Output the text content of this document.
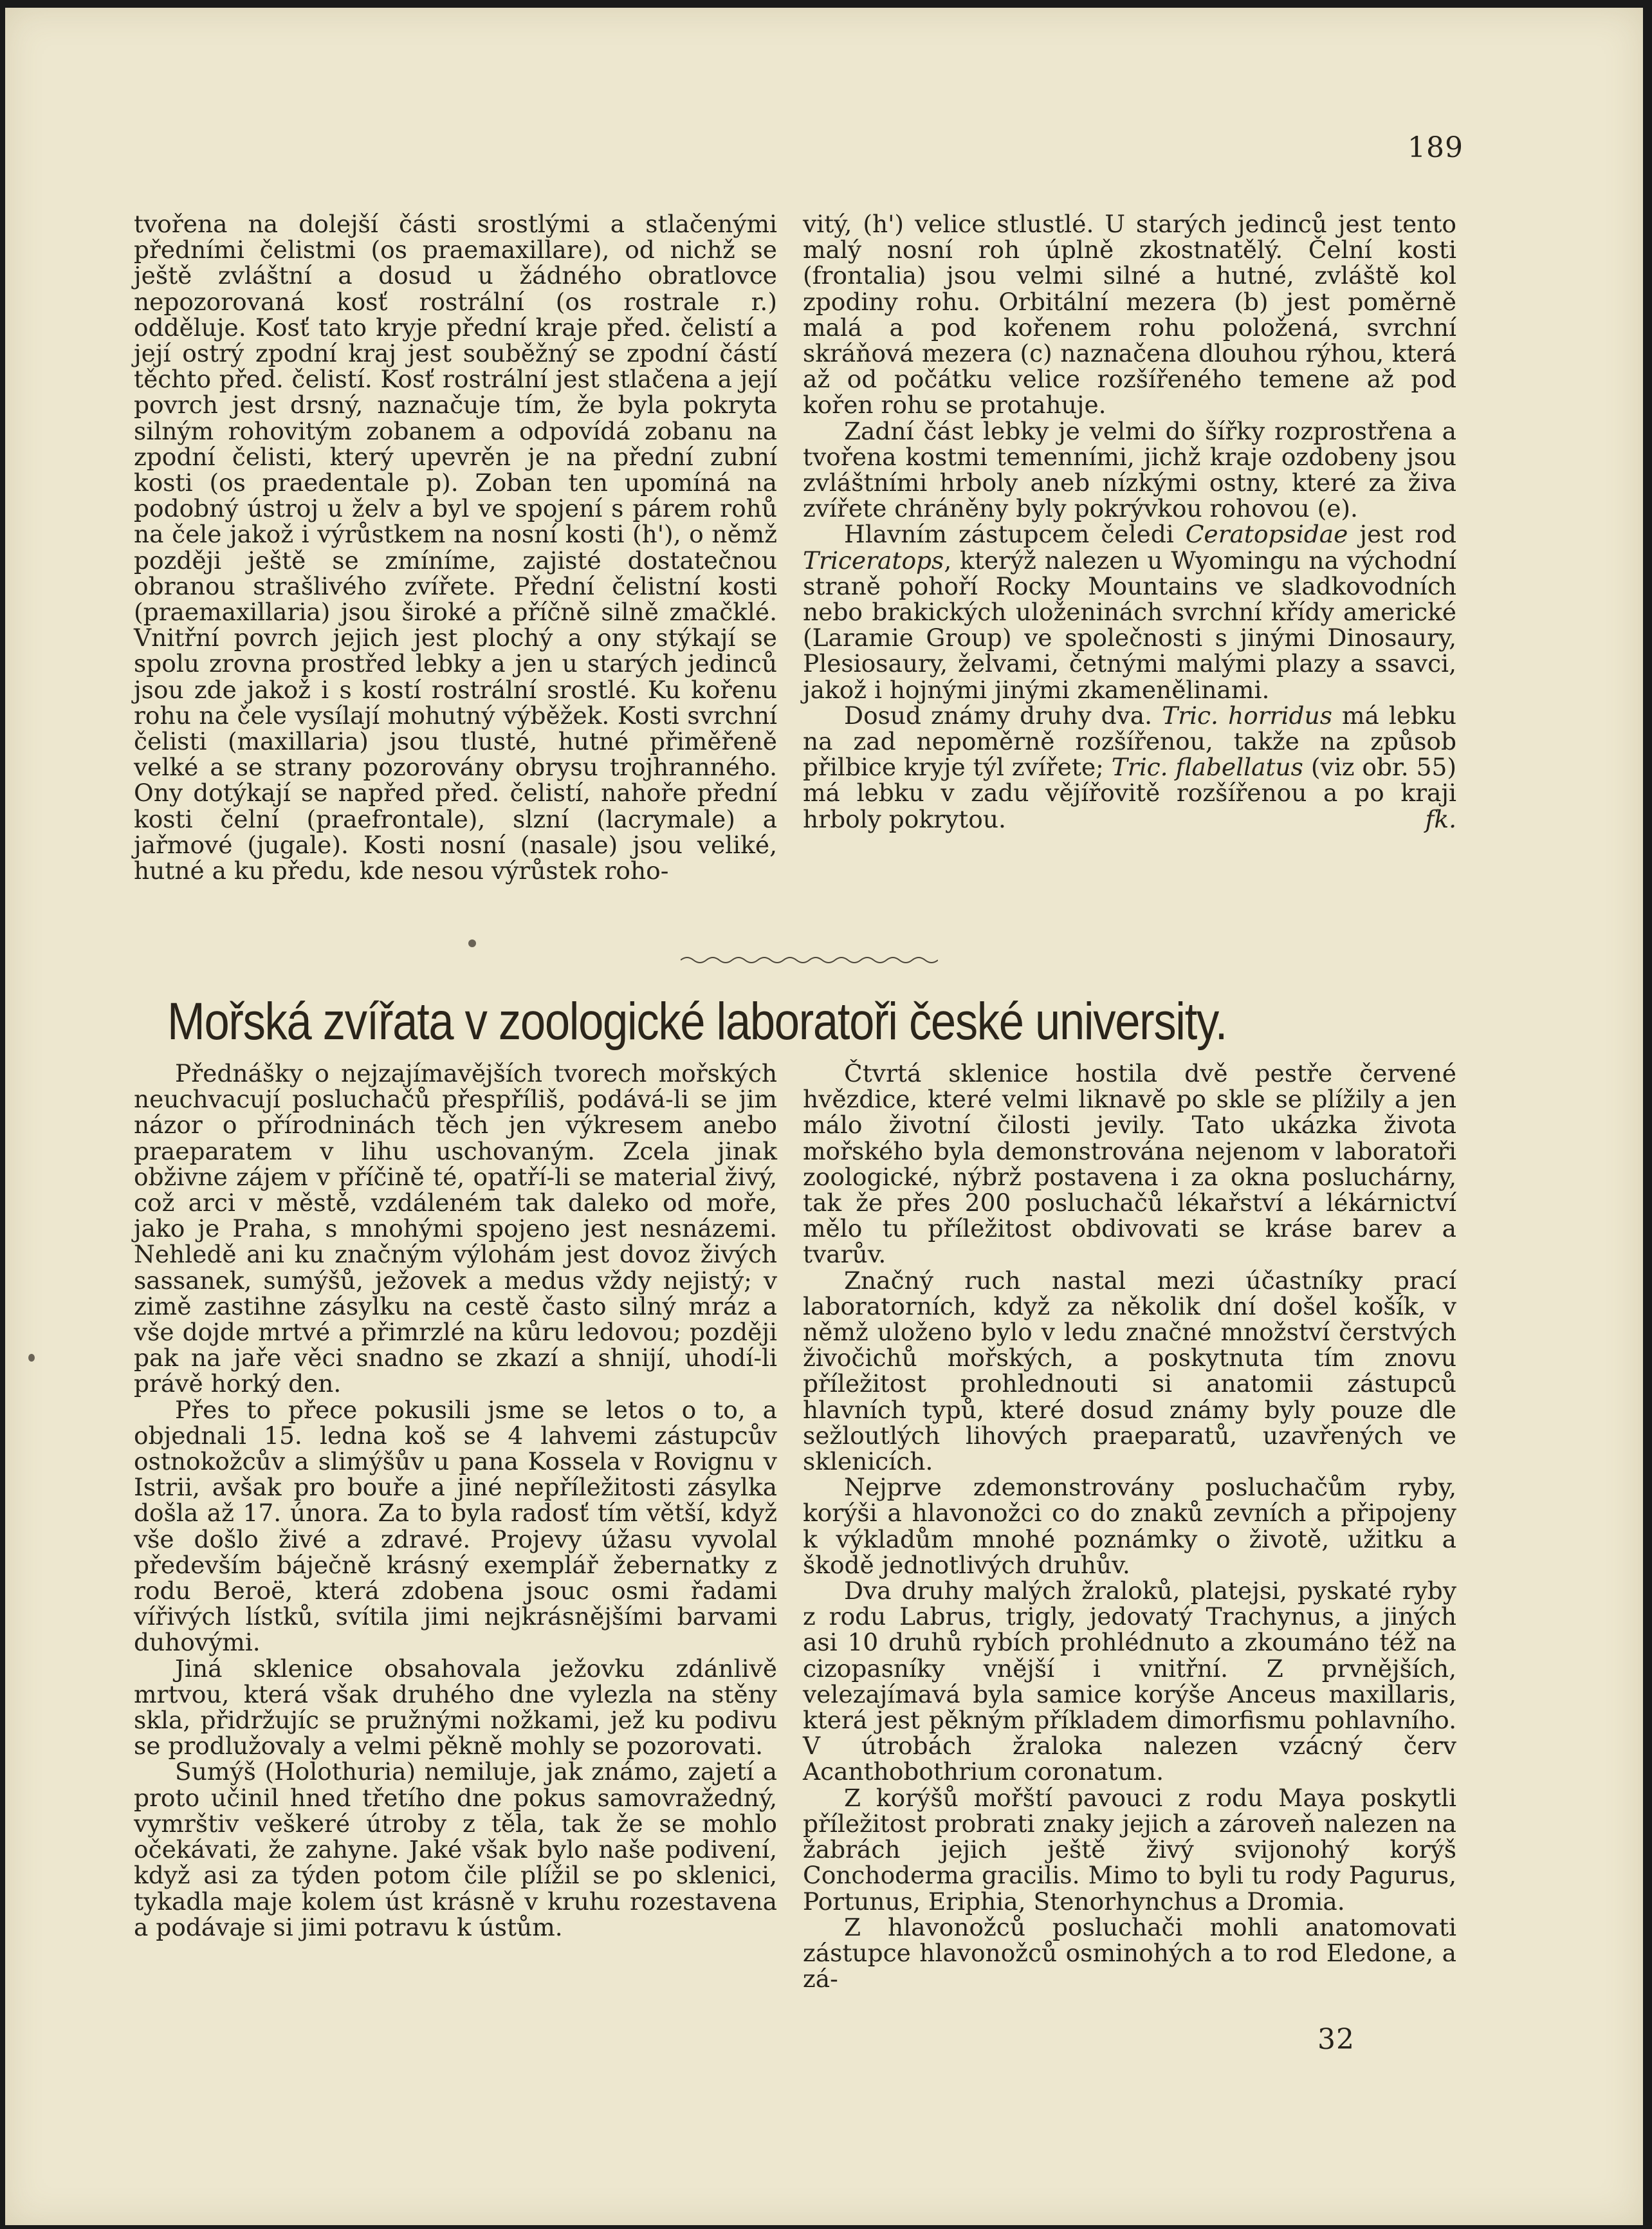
189

tvořena na dolejší části srostlými a stlačenými předními čelistmi (os praemaxillare), od nichž se ještě zvláštní a dosud u žádného obratlovce nepozorovaná kosť rostrální (os rostrale r.) odděluje. Kosť tato kryje přední kraje před. čelistí a její ostrý zpodní kraj jest souběžný se zpodní částí těchto před. čelistí. Kosť rostrální jest stlačena a její povrch jest drsný, naznačuje tím, že byla pokryta silným rohovitým zobanem a odpovídá zobanu na zpodní čelisti, který upevrěn je na přední zubní kosti (os praedentale p). Zoban ten upomíná na podobný ústroj u želv a byl ve spojení s párem rohů na čele jakož i výrůstkem na nosní kosti (h'), o němž později ještě se zmíníme, zajisté dostatečnou obranou strašlivého zvířete. Přední čelistní kosti (praemaxillaria) jsou široké a příčně silně zmačklé. Vnitřní povrch jejich jest plochý a ony stýkají se spolu zrovna prostřed lebky a jen u starých jedinců jsou zde jakož i s kostí rostrální srostlé. Ku kořenu rohu na čele vysílají mohutný výběžek. Kosti svrchní čelisti (maxillaria) jsou tlusté, hutné přiměřeně velké a se strany pozorovány obrysu trojhranného. Ony dotýkají se napřed před. čelistí, nahoře přední kosti čelní (praefrontale), slzní (lacrymale) a jařmové (jugale). Kosti nosní (nasale) jsou veliké, hutné a ku předu, kde nesou výrůstek roho-

vitý, (h') velice stlustlé. U starých jedinců jest tento malý nosní roh úplně zkostnatělý. Čelní kosti (frontalia) jsou velmi silné a hutné, zvláště kol zpodiny rohu. Orbitální mezera (b) jest poměrně malá a pod kořenem rohu položená, svrchní skráňová mezera (c) naznačena dlouhou rýhou, která až od počátku velice rozšířeného temene až pod kořen rohu se protahuje.

Zadní část lebky je velmi do šířky rozprostřena a tvořena kostmi temenními, jichž kraje ozdobeny jsou zvláštními hrboly aneb nízkými ostny, které za živa zvířete chráněny byly pokrývkou rohovou (e).

Hlavním zástupcem čeledi Ceratopsidae jest rod Triceratops, kterýž nalezen u Wyomingu na východní straně pohoří Rocky Mountains ve sladkovodních nebo brakických uloženinách svrchní křídy americké (Laramie Group) ve společnosti s jinými Dinosaury, Plesiosaury, želvami, četnými malými plazy a ssavci, jakož i hojnými jinými zkamenělinami.

Dosud známy druhy dva. Tric. horridus má lebku na zad nepoměrně rozšířenou, takže na způsob přilbice kryje týl zvířete; Tric. flabellatus (viz obr. 55) má lebku v zadu vějířovitě rozšířenou a po kraji hrboly pokrytou.	fk.

Mořská zvířata v zoologické laboratoři české university.

Přednášky o nejzajímavějších tvorech mořských neuchvacují posluchačů přespříliš, podává-li se jim názor o přírodninách těch jen výkresem anebo praeparatem v lihu uschovaným. Zcela jinak obživne zájem v příčině té, opatří-li se material živý, což arci v městě, vzdáleném tak daleko od moře, jako je Praha, s mnohými spojeno jest nesnázemi. Nehledě ani ku značným výlohám jest dovoz živých sassanek, sumýšů, ježovek a medus vždy nejistý; v zimě zastihne zásylku na cestě často silný mráz a vše dojde mrtvé a přimrzlé na kůru ledovou; později pak na jaře věci snadno se zkazí a shnijí, uhodí-li právě horký den.

Přes to přece pokusili jsme se letos o to, a objednali 15. ledna koš se 4 lahvemi zástupcův ostnokožcův a slimýšův u pana Kossela v Rovignu v Istrii, avšak pro bouře a jiné nepříležitosti zásylka došla až 17. února. Za to byla radosť tím větší, když vše došlo živé a zdravé. Projevy úžasu vyvolal především báječně krásný exemplář žebernatky z rodu Beroë, která zdobena jsouc osmi řadami vířivých lístků, svítila jimi nejkrásnějšími barvami duhovými.

Jiná sklenice obsahovala ježovku zdánlivě mrtvou, která však druhého dne vylezla na stěny skla, přidržujíc se pružnými nožkami, jež ku podivu se prodlužovaly a velmi pěkně mohly se pozorovati.

Sumýš (Holothuria) nemiluje, jak známo, zajetí a proto učinil hned třetího dne pokus samovražedný, vymrštiv veškeré útroby z těla, tak že se mohlo očekávati, že zahyne. Jaké však bylo naše podivení, když asi za týden potom čile plížil se po sklenici, tykadla maje kolem úst krásně v kruhu rozestavena a podávaje si jimi potravu k ústům.

Čtvrtá sklenice hostila dvě pestře červené hvězdice, které velmi liknavě po skle se plížily a jen málo životní čilosti jevily. Tato ukázka života mořského byla demonstrována nejenom v laboratoři zoologické, nýbrž postavena i za okna posluchárny, tak že přes 200 posluchačů lékařství a lékárnictví mělo tu příležitost obdivovati se kráse barev a tvarův.

Značný ruch nastal mezi účastníky prací laboratorních, když za několik dní došel košík, v němž uloženo bylo v ledu značné množství čerstvých živočichů mořských, a poskytnuta tím znovu příležitost prohlednouti si anatomii zástupců hlavních typů, které dosud známy byly pouze dle sežloutlých lihových praeparatů, uzavřených ve sklenicích.

Nejprve zdemonstrovány posluchačům ryby, korýši a hlavonožci co do znaků zevních a připojeny k výkladům mnohé poznámky o životě, užitku a škodě jednotlivých druhův.

Dva druhy malých žraloků, platejsi, pyskaté ryby z rodu Labrus, trigly, jedovatý Trachynus, a jiných asi 10 druhů rybích prohlédnuto a zkoumáno též na cizopasníky vnější i vnitřní. Z prvnějších, velezajímavá byla samice korýše Anceus maxillaris, která jest pěkným příkladem dimorfismu pohlavního. V útrobách žraloka nalezen vzácný červ Acanthobothrium coronatum.

Z korýšů mořští pavouci z rodu Maya poskytli příležitost probrati znaky jejich a zároveň nalezen na žabrách jejich ještě živý svijonohý korýš Conchoderma gracilis. Mimo to byli tu rody Pagurus, Portunus, Eriphia, Stenorhynchus a Dromia.

Z hlavonožců posluchači mohli anatomovati zástupce hlavonožců osminohých a to rod Eledone, a zá-

32
